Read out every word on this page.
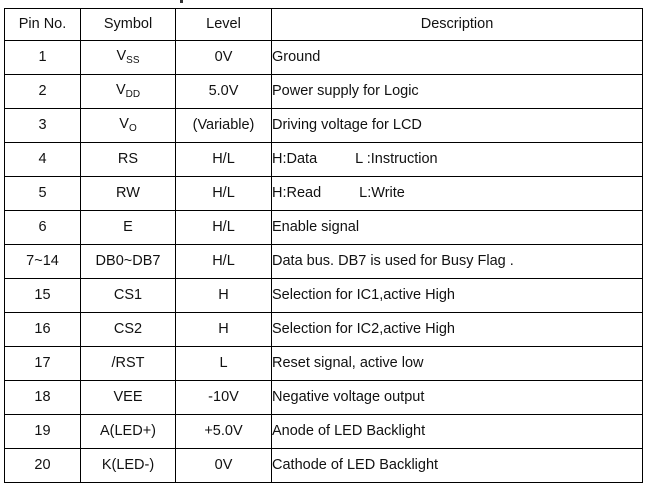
Pin No.	Symbol	Level	Description
1	$V_{SS}$	0V	Ground
2	$V_{DD}$	5.0V	Power supply for Logic
3	$V_O$	(Variable)	Driving voltage for LCD
4	RS	H/L	H:Data L :Instruction
5	RW	H/L	H:Read L:Write
6	E	H/L	Enable signal
7~14	DB0~DB7	H/L	Data bus. DB7 is used for Busy Flag .
15	CS1	H	Selection for IC1,active High
16	CS2	H	Selection for IC2,active High
17	/RST	L	Reset signal, active low
18	VEE	-10V	Negative voltage output
19	A(LED+)	+5.0V	Anode of LED Backlight
20	K(LED-)	0V	Cathode of LED Backlight
